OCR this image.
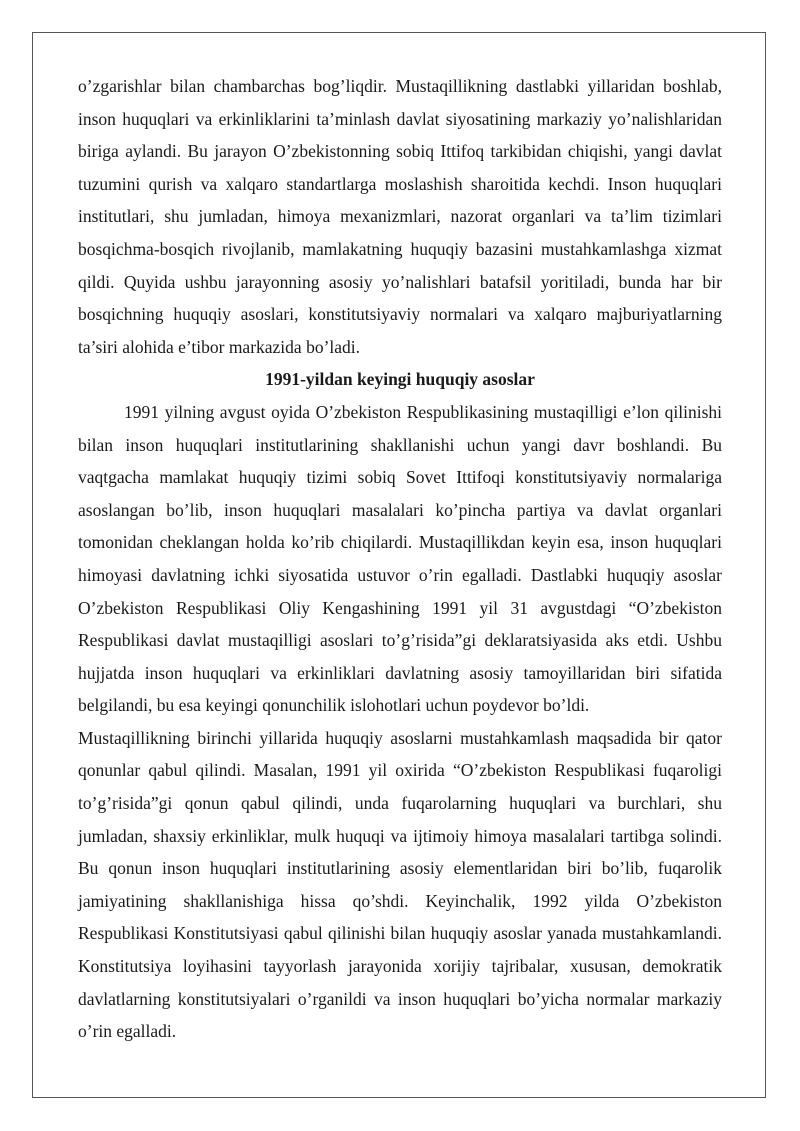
o’zgarishlar bilan chambarchas bog’liqdir. Mustaqillikning dastlabki yillaridan boshlab, inson huquqlari va erkinliklarini ta’minlash davlat siyosatining markaziy yo’nalishlaridan biriga aylandi. Bu jarayon O’zbekistonning sobiq Ittifoq tarkibidan chiqishi, yangi davlat tuzumini qurish va xalqaro standartlarga moslashish sharoitida kechdi. Inson huquqlari institutlari, shu jumladan, himoya mexanizmlari, nazorat organlari va ta’lim tizimlari bosqichma-bosqich rivojlanib, mamlakatning huquqiy bazasini mustahkamlashga xizmat qildi. Quyida ushbu jarayonning asosiy yo’nalishlari batafsil yoritiladi, bunda har bir bosqichning huquqiy asoslari, konstitutsiyaviy normalari va xalqaro majburiyatlarning ta’siri alohida e’tibor markazida bo’ladi.

1991-yildan keyingi huquqiy asoslar

1991 yilning avgust oyida O’zbekiston Respublikasining mustaqilligi e’lon qilinishi bilan inson huquqlari institutlarining shakllanishi uchun yangi davr boshlandi. Bu vaqtgacha mamlakat huquqiy tizimi sobiq Sovet Ittifoqi konstitutsiyaviy normalariga asoslangan bo’lib, inson huquqlari masalalari ko’pincha partiya va davlat organlari tomonidan cheklangan holda ko’rib chiqilardi. Mustaqillikdan keyin esa, inson huquqlari himoyasi davlatning ichki siyosatida ustuvor o’rin egalladi. Dastlabki huquqiy asoslar O’zbekiston Respublikasi Oliy Kengashining 1991 yil 31 avgustdagi “O’zbekiston Respublikasi davlat mustaqilligi asoslari to’g’risida”gi deklaratsiyasida aks etdi. Ushbu hujjatda inson huquqlari va erkinliklari davlatning asosiy tamoyillaridan biri sifatida belgilandi, bu esa keyingi qonunchilik islohotlari uchun poydevor bo’ldi.

Mustaqillikning birinchi yillarida huquqiy asoslarni mustahkamlash maqsadida bir qator qonunlar qabul qilindi. Masalan, 1991 yil oxirida “O’zbekiston Respublikasi fuqaroligi to’g’risida”gi qonun qabul qilindi, unda fuqarolarning huquqlari va burchlari, shu jumladan, shaxsiy erkinliklar, mulk huquqi va ijtimoiy himoya masalalari tartibga solindi. Bu qonun inson huquqlari institutlarining asosiy elementlaridan biri bo’lib, fuqarolik jamiyatining shakllanishiga hissa qo’shdi. Keyinchalik, 1992 yilda O’zbekiston Respublikasi Konstitutsiyasi qabul qilinishi bilan huquqiy asoslar yanada mustahkamlandi. Konstitutsiya loyihasini tayyorlash jarayonida xorijiy tajribalar, xususan, demokratik davlatlarning konstitutsiyalari o’rganildi va inson huquqlari bo’yicha normalar markaziy o’rin egalladi.
